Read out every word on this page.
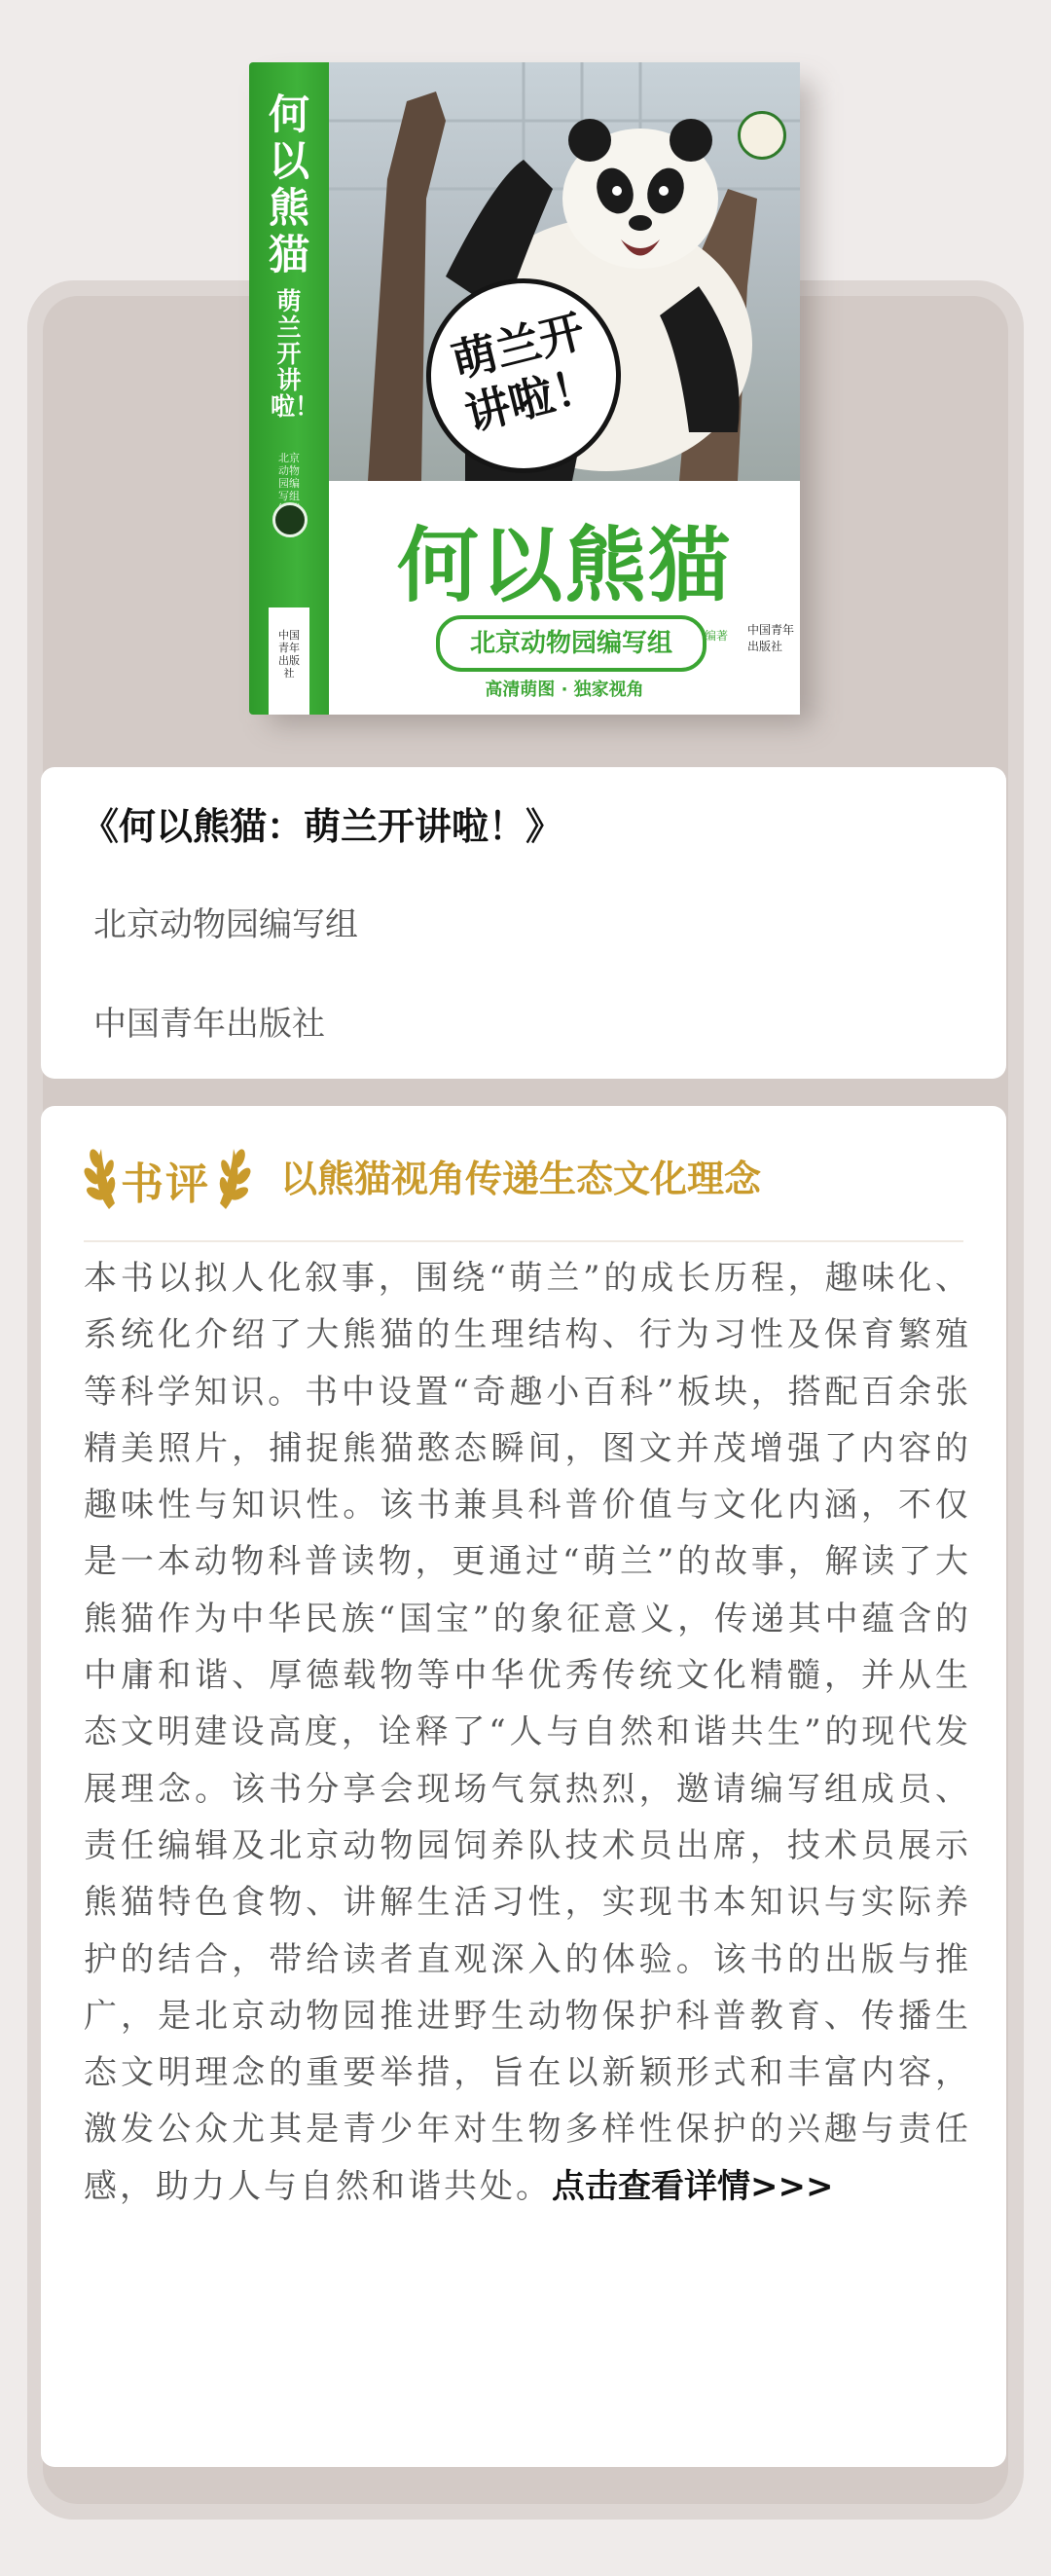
何以熊猫
萌兰开讲啦！
北京动物园编写组
中国青年出版社
萌兰开讲啦！
何以熊猫
北京动物园编写组	编著 中国青年出版社
高清萌图 · 独家视角
《何以熊猫：萌兰开讲啦！》
北京动物园编写组
中国青年出版社
书评 以熊猫视角传递生态文化理念
本书以拟人化叙事，围绕“萌兰”的成长历程，趣味化、系统化介绍了大熊猫的生理结构、行为习性及保育繁殖等科学知识。书中设置“奇趣小百科”板块，搭配百余张精美照片，捕捉熊猫憨态瞬间，图文并茂增强了内容的趣味性与知识性。该书兼具科普价值与文化内涵，不仅是一本动物科普读物，更通过“萌兰”的故事，解读了大熊猫作为中华民族“国宝”的象征意义，传递其中蕴含的中庸和谐、厚德载物等中华优秀传统文化精髓，并从生态文明建设高度，诠释了“人与自然和谐共生”的现代发展理念。该书分享会现场气氛热烈，邀请编写组成员、责任编辑及北京动物园饲养队技术员出席，技术员展示熊猫特色食物、讲解生活习性，实现书本知识与实际养护的结合，带给读者直观深入的体验。该书的出版与推广，是北京动物园推进野生动物保护科普教育、传播生态文明理念的重要举措，旨在以新颖形式和丰富内容，激发公众尤其是青少年对生物多样性保护的兴趣与责任感，助力人与自然和谐共处。点击查看详情>>>
